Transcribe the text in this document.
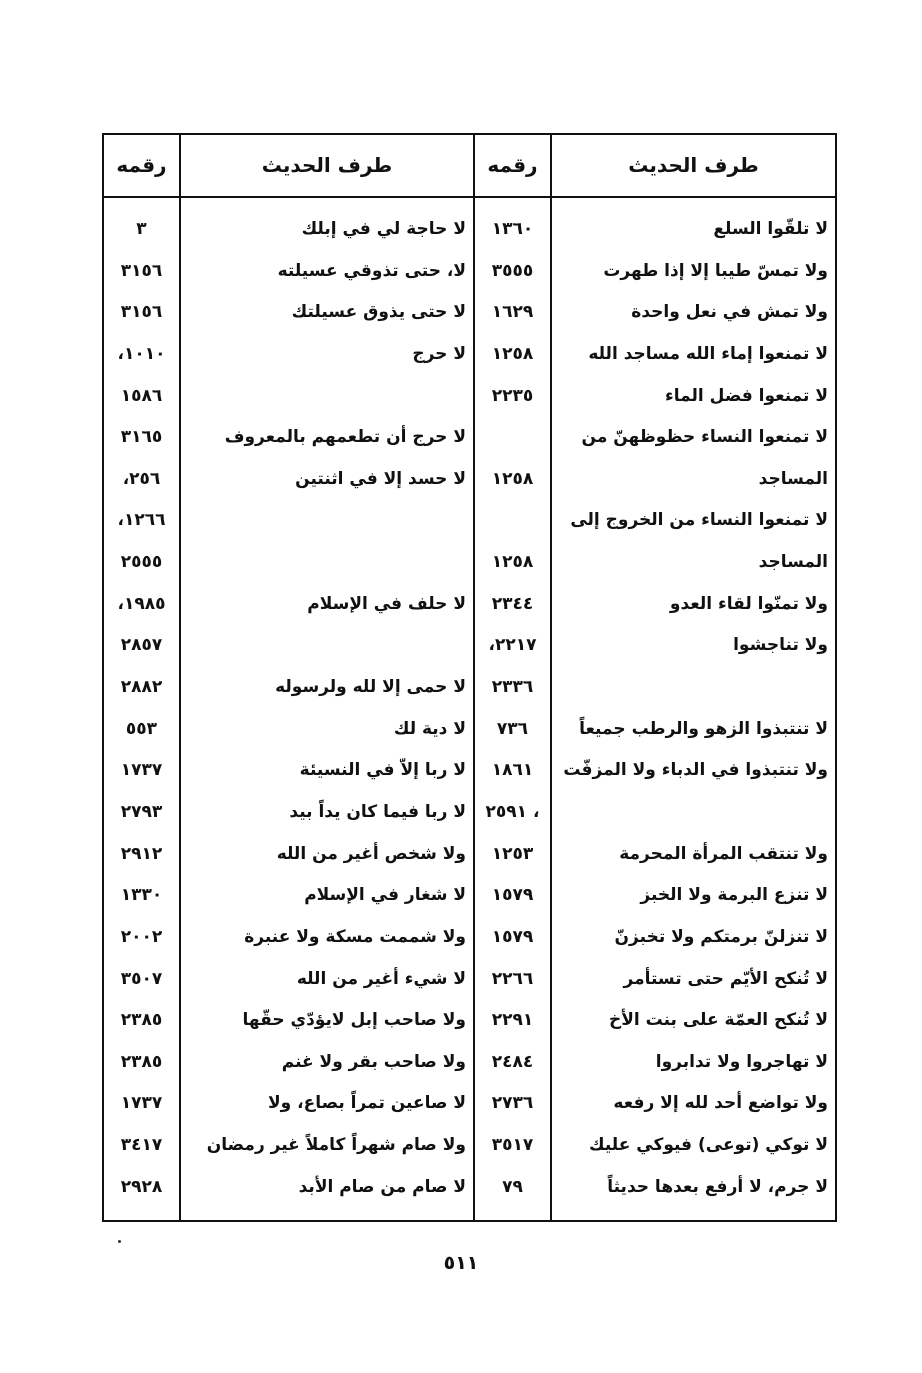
طرف الحديث
رقمه
طرف الحديث
رقمه
لا تلقّوا السلع
١٣٦٠
لا حاجة لي في إبلك
٣
ولا تمسّ طيبا إلا إذا طهرت
٣٥٥٥
لا، حتى تذوقي عسيلته
٣١٥٦
ولا تمش في نعل واحدة
١٦٢٩
لا حتى يذوق عسيلتك
٣١٥٦
لا تمنعوا إماء الله مساجد الله
١٢٥٨
لا حرج
١٠١٠،
لا تمنعوا فضل الماء
٢٢٣٥
١٥٨٦
لا تمنعوا النساء حظوظهنّ من
لا حرج أن تطعمهم بالمعروف
٣١٦٥
المساجد
١٢٥٨
لا حسد إلا في اثنتين
٢٥٦،
لا تمنعوا النساء من الخروج إلى
١٢٦٦،
المساجد
١٢٥٨
٢٥٥٥
ولا تمنّوا لقاء العدو
٢٣٤٤
لا حلف في الإسلام
١٩٨٥،
ولا تناجشوا
٢٢١٧،
٢٨٥٧
٢٣٣٦
لا حمى إلا لله ولرسوله
٢٨٨٢
لا تنتبذوا الزهو والرطب جميعاً
٧٣٦
لا دية لك
٥٥٣
ولا تنتبذوا في الدباء ولا المزفّت
١٨٦١
لا ربا إلاّ في النسيئة
١٧٣٧
، ٢٥٩١
لا ربا فيما كان يداً بيد
٢٧٩٣
ولا تنتقب المرأة المحرمة
١٢٥٣
ولا شخص أغير من الله
٢٩١٢
لا تنزع البرمة ولا الخبز
١٥٧٩
لا شغار في الإسلام
١٣٣٠
لا تنزلنّ برمتكم ولا تخبزنّ
١٥٧٩
ولا شممت مسكة ولا عنبرة
٢٠٠٢
لا تُنكح الأيّم حتى تستأمر
٢٢٦٦
لا شيء أغير من الله
٣٥٠٧
لا تُنكح العمّة على بنت الأخ
٢٢٩١
ولا صاحب إبل لايؤدّي حقّها
٢٣٨٥
لا تهاجروا ولا تدابروا
٢٤٨٤
ولا صاحب بقر ولا غنم
٢٣٨٥
ولا تواضع أحد لله إلا رفعه
٢٧٣٦
لا صاعين تمراً بصاع، ولا
١٧٣٧
لا توكي (توعى) فيوكي عليك
٣٥١٧
ولا صام شهراً كاملاً غير رمضان
٣٤١٧
لا جرم، لا أرفع بعدها حديثاً
٧٩
لا صام من صام الأبد
٢٩٢٨
٥١١
